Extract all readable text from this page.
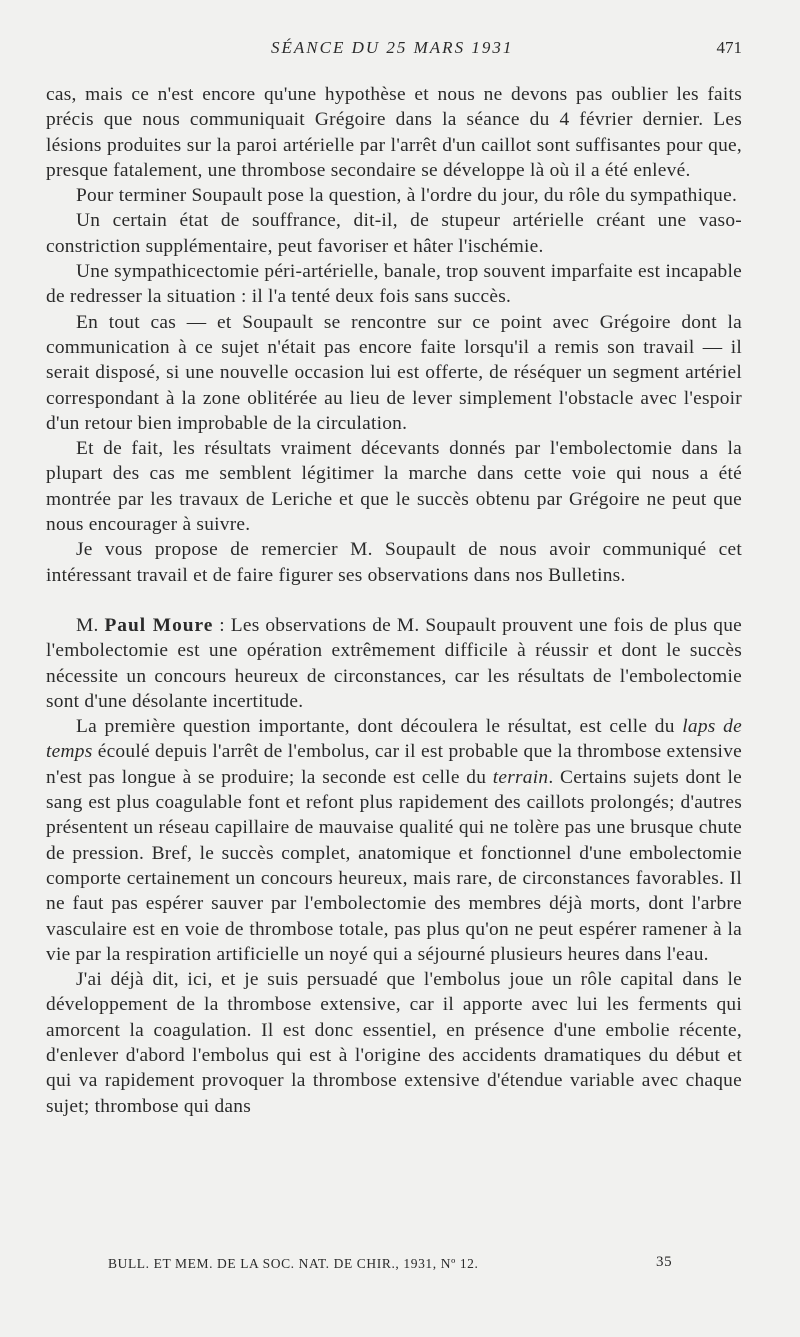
SÉANCE DU 25 MARS 1931	471

cas, mais ce n'est encore qu'une hypothèse et nous ne devons pas oublier les faits précis que nous communiquait Grégoire dans la séance du 4 février dernier. Les lésions produites sur la paroi artérielle par l'arrêt d'un caillot sont suffisantes pour que, presque fatalement, une thrombose secondaire se développe là où il a été enlevé.

Pour terminer Soupault pose la question, à l'ordre du jour, du rôle du sympathique.

Un certain état de souffrance, dit-il, de stupeur artérielle créant une vaso-constriction supplémentaire, peut favoriser et hâter l'ischémie.

Une sympathicectomie péri-artérielle, banale, trop souvent imparfaite est incapable de redresser la situation : il l'a tenté deux fois sans succès.

En tout cas — et Soupault se rencontre sur ce point avec Grégoire dont la communication à ce sujet n'était pas encore faite lorsqu'il a remis son travail — il serait disposé, si une nouvelle occasion lui est offerte, de réséquer un segment artériel correspondant à la zone oblitérée au lieu de lever simplement l'obstacle avec l'espoir d'un retour bien improbable de la circulation.

Et de fait, les résultats vraiment décevants donnés par l'embolectomie dans la plupart des cas me semblent légitimer la marche dans cette voie qui nous a été montrée par les travaux de Leriche et que le succès obtenu par Grégoire ne peut que nous encourager à suivre.

Je vous propose de remercier M. Soupault de nous avoir communiqué cet intéressant travail et de faire figurer ses observations dans nos Bulletins.

M. Paul Moure : Les observations de M. Soupault prouvent une fois de plus que l'embolectomie est une opération extrêmement difficile à réussir et dont le succès nécessite un concours heureux de circonstances, car les résultats de l'embolectomie sont d'une désolante incertitude.

La première question importante, dont découlera le résultat, est celle du laps de temps écoulé depuis l'arrêt de l'embolus, car il est probable que la thrombose extensive n'est pas longue à se produire; la seconde est celle du terrain. Certains sujets dont le sang est plus coagulable font et refont plus rapidement des caillots prolongés; d'autres présentent un réseau capillaire de mauvaise qualité qui ne tolère pas une brusque chute de pression. Bref, le succès complet, anatomique et fonctionnel d'une embolectomie comporte certainement un concours heureux, mais rare, de circonstances favorables. Il ne faut pas espérer sauver par l'embolectomie des membres déjà morts, dont l'arbre vasculaire est en voie de thrombose totale, pas plus qu'on ne peut espérer ramener à la vie par la respiration artificielle un noyé qui a séjourné plusieurs heures dans l'eau.

J'ai déjà dit, ici, et je suis persuadé que l'embolus joue un rôle capital dans le développement de la thrombose extensive, car il apporte avec lui les ferments qui amorcent la coagulation. Il est donc essentiel, en présence d'une embolie récente, d'enlever d'abord l'embolus qui est à l'origine des accidents dramatiques du début et qui va rapidement provoquer la thrombose extensive d'étendue variable avec chaque sujet; thrombose qui dans

BULL. ET MEM. DE LA SOC. NAT. DE CHIR., 1931, Nº 12.	35
